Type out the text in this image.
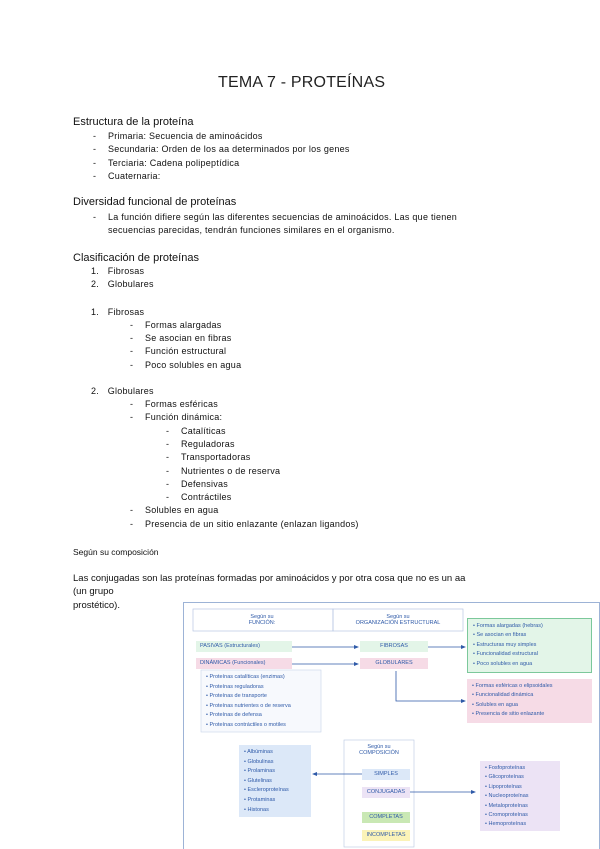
TEMA 7 - PROTEÍNAS
Estructura de la proteína
- Primaria: Secuencia de aminoácidos
- Secundaria: Orden de los aa determinados por los genes
- Terciaria: Cadena polipeptídica
- Cuaternaria:
Diversidad funcional de proteínas
- La función difiere según las diferentes secuencias de aminoácidos. Las que tienen
secuencias parecidas, tendrán funciones similares en el organismo.
Clasificación de proteínas
1. Fibrosas
2. Globulares
1. Fibrosas
- Formas alargadas
- Se asocian en fibras
- Función estructural
- Poco solubles en agua
2. Globulares
- Formas esféricas
- Función dinámica:
- Catalíticas
- Reguladoras
- Transportadoras
- Nutrientes o de reserva
- Defensivas
- Contráctiles
- Solubles en agua
- Presencia de un sitio enlazante (enlazan ligandos)
Según su composición
Las conjugadas son las proteínas formadas por aminoácidos y por otra cosa que no es un aa
(un grupo
prostético).
Según su
FUNCIÓN:
Según su
ORGANIZACIÓN ESTRUCTURAL
PASIVAS (Estructurales)
DINÁMICAS (Funcionales)
FIBROSAS
GLOBULARES
• Proteínas catalíticas (enzimas)
• Proteínas reguladoras
• Proteínas de transporte
• Proteínas nutrientes o de reserva
• Proteínas de defensa
• Proteínas contráctiles o motiles
• Formas alargadas (hebras)
• Se asocian en fibras
• Estructuras muy simples
• Funcionalidad estructural
• Poco solubles en agua
• Formas esféricas o elipsoidales
• Funcionalidad dinámica
• Solubles en agua
• Presencia de sitio enlazante
Según su
COMPOSICIÓN
SIMPLES
CONJUGADAS
COMPLETAS
INCOMPLETAS
• Albúminas
• Globulinas
• Prolaminas
• Glutelinas
• Escleroproteínas
• Protaminas
• Histonas
• Fosfoproteínas
• Glicoproteínas
• Lipoproteínas
• Nucleoproteínas
• Metaloproteínas
• Cromoproteínas
• Hemoproteínas
